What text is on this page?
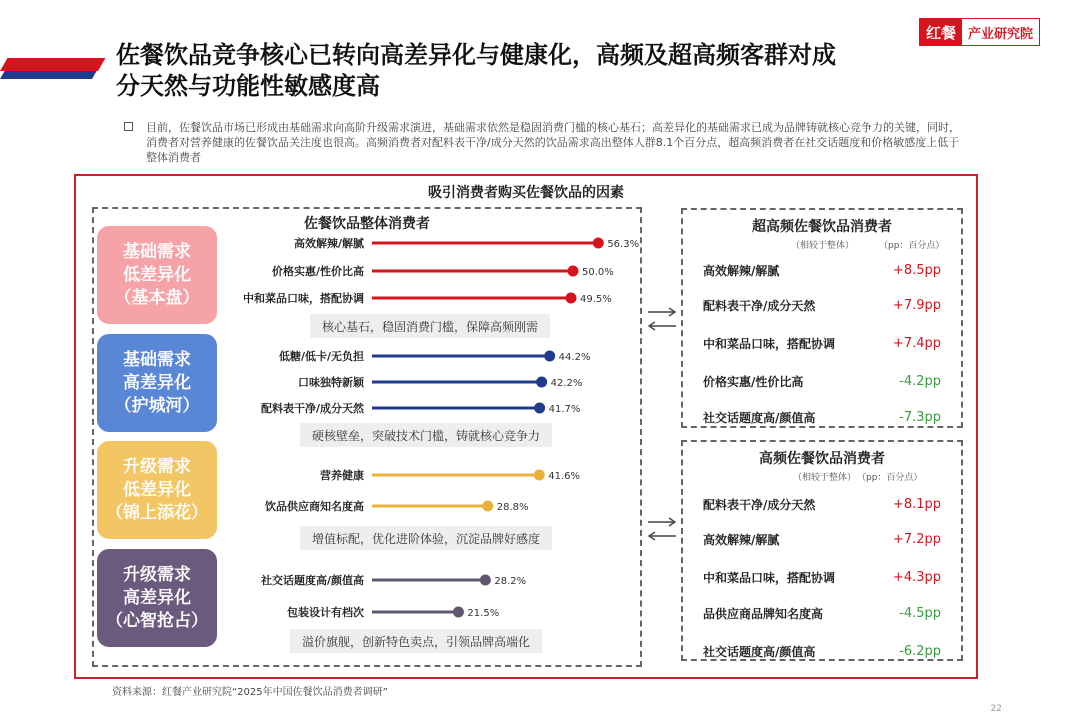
佐餐饮品竞争核心已转向高差异化与健康化，高频及超高频客群对成
分天然与功能性敏感度高
红餐 产业研究院
目前，佐餐饮品市场已形成由基础需求向高阶升级需求演进，基础需求依然是稳固消费门槛的核心基石；高差异化的基础需求已成为品牌铸就核心竞争力的关键，同时，消费者对营养健康的佐餐饮品关注度也很高。高频消费者对配料表干净/成分天然的饮品需求高出整体人群8.1个百分点，超高频消费者在社交话题度和价格敏感度上低于整体消费者
吸引消费者购买佐餐饮品的因素
佐餐饮品整体消费者
基础需求
低差异化
（基本盘）
基础需求
高差异化
（护城河）
升级需求
低差异化
（锦上添花）
升级需求
高差异化
（心智抢占）
核心基石，稳固消费门槛，保障高频刚需
硬核壁垒，突破技术门槛，铸就核心竞争力
增值标配，优化进阶体验，沉淀品牌好感度
溢价旗舰，创新特色卖点，引领品牌高端化
高效解辣/解腻	56.3%
价格实惠/性价比高	50.0%
中和菜品口味，搭配协调	49.5%
低糖/低卡/无负担	44.2%
口味独特新颖	42.2%
配料表干净/成分天然	41.7%
营养健康	41.6%
饮品供应商知名度高	28.8%
社交话题度高/颜值高	28.2%
包装设计有档次	21.5%
超高频佐餐饮品消费者
（相较于整体）	（pp：百分点）
高效解辣/解腻	+8.5pp
配料表干净/成分天然	+7.9pp
中和菜品口味，搭配协调	+7.4pp
价格实惠/性价比高	-4.2pp
社交话题度高/颜值高	-7.3pp
高频佐餐饮品消费者
（相较于整体） （pp：百分点）
配料表干净/成分天然	+8.1pp
高效解辣/解腻	+7.2pp
中和菜品口味，搭配协调	+4.3pp
品供应商品牌知名度高	-4.5pp
社交话题度高/颜值高	-6.2pp
资料来源：红餐产业研究院“2025年中国佐餐饮品消费者调研”
22
